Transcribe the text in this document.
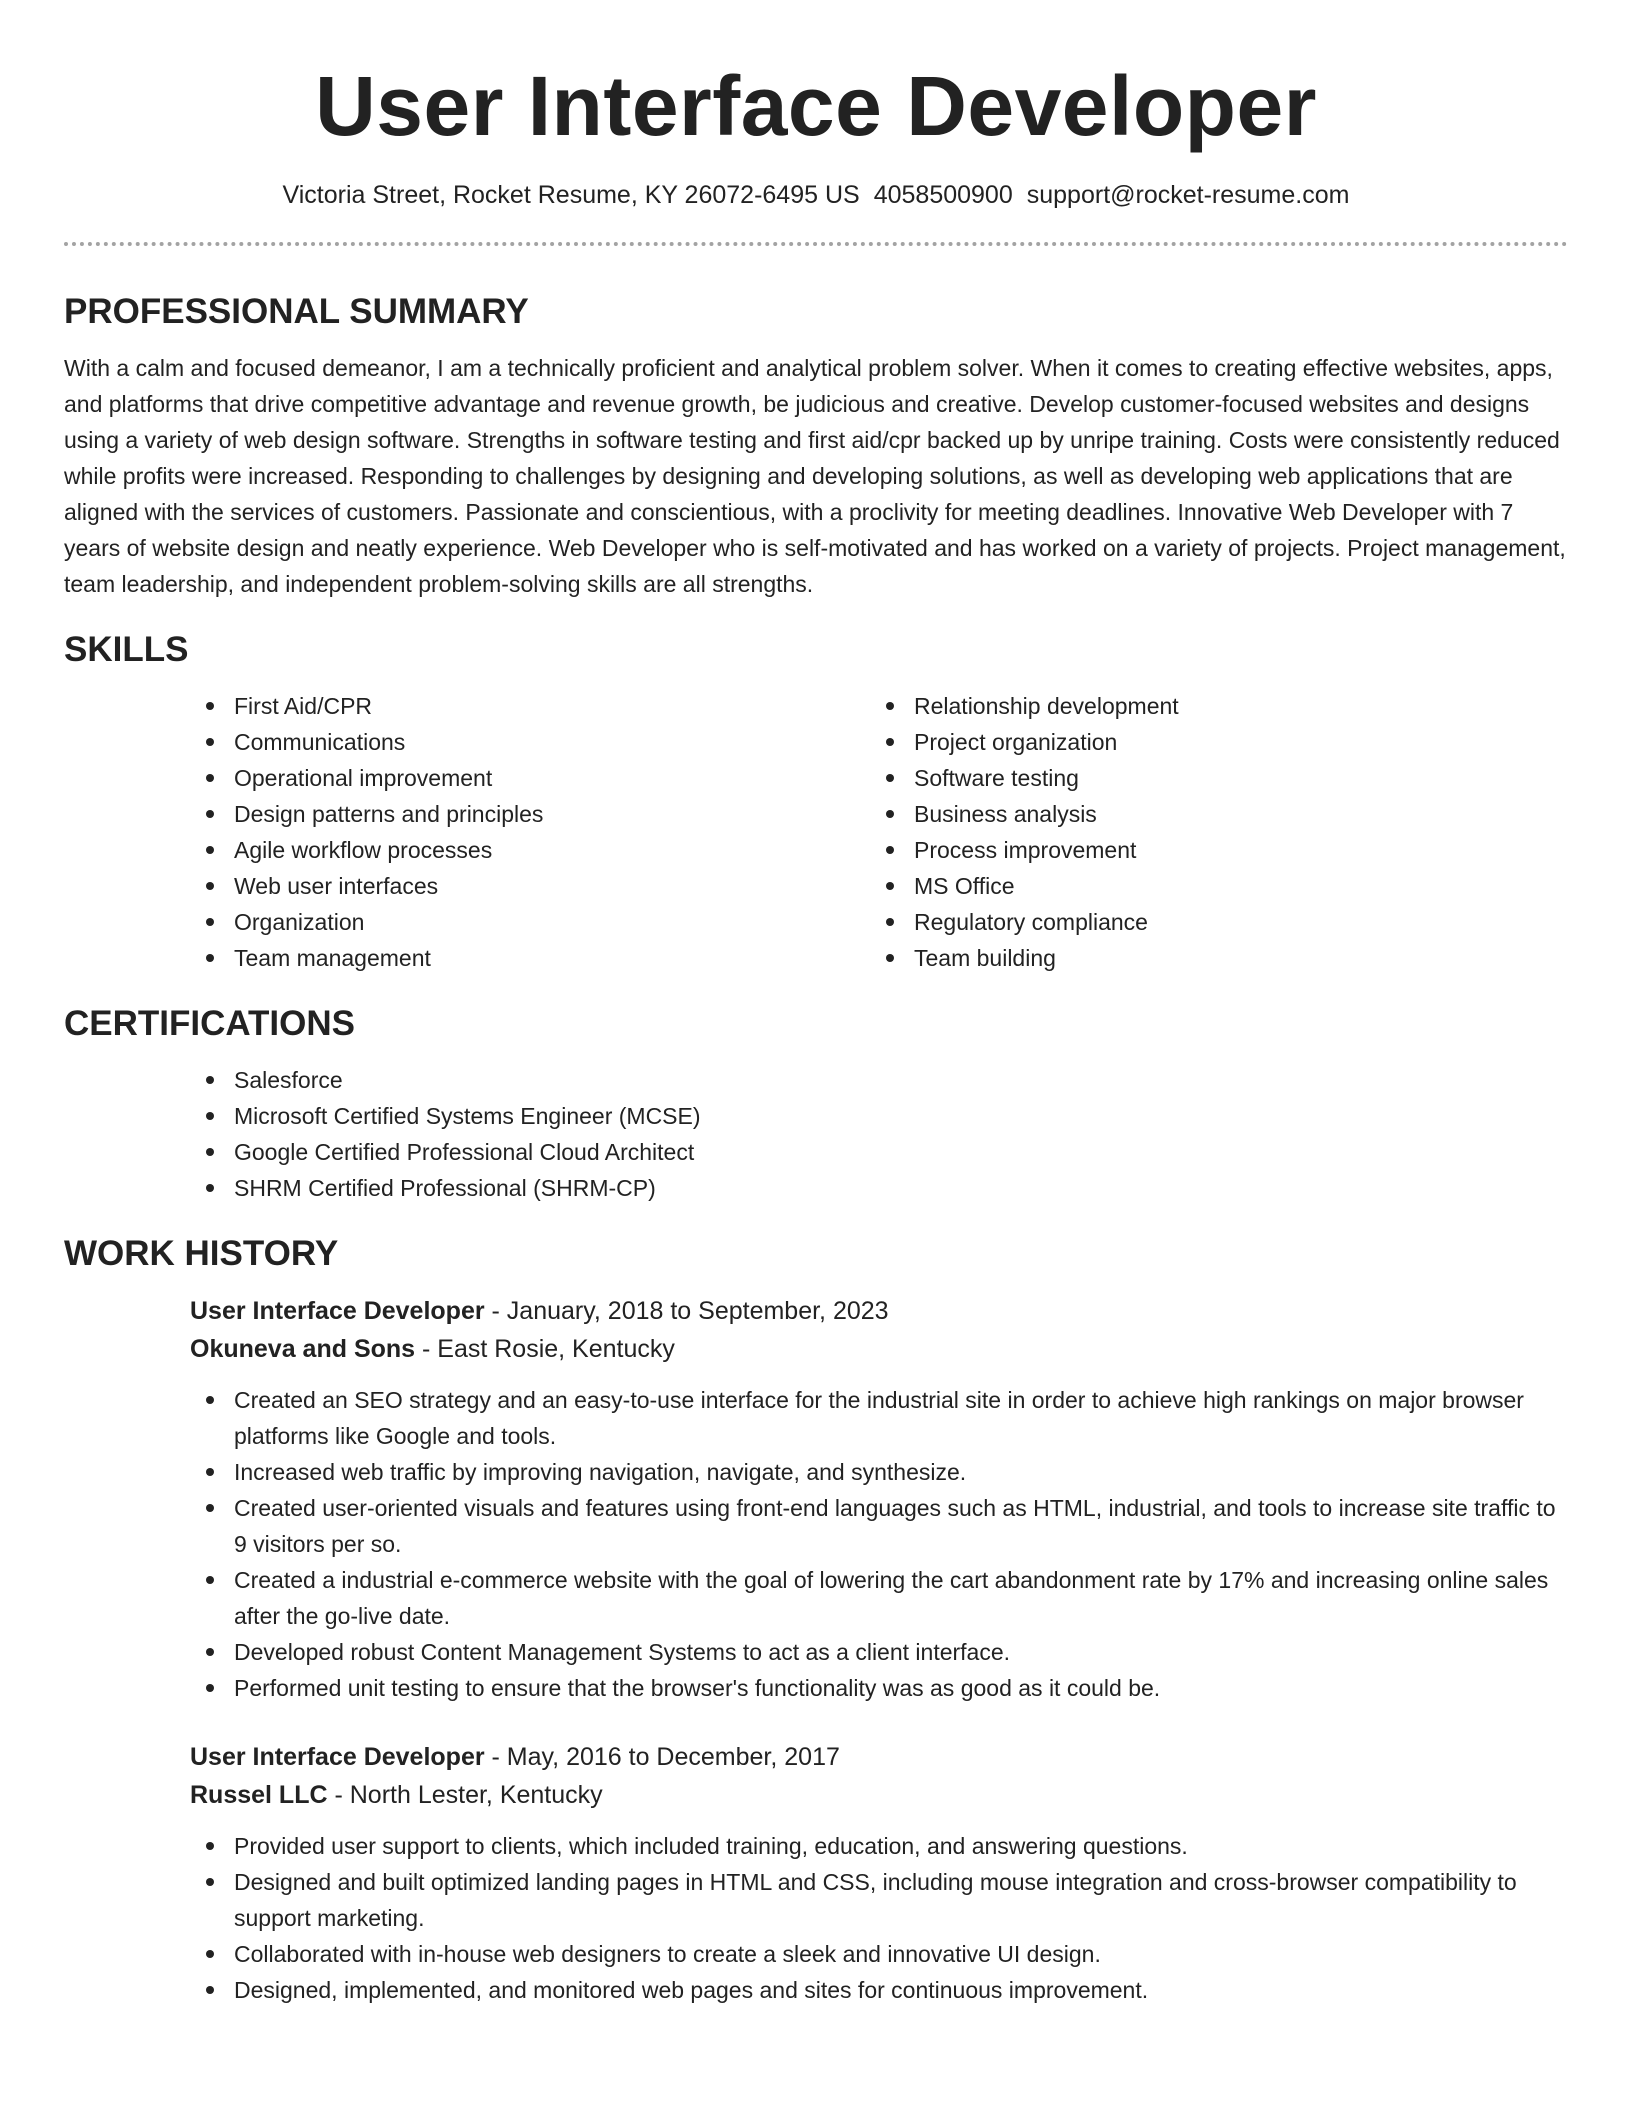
User Interface Developer
Victoria Street, Rocket Resume, KY 26072-6495 US 4058500900 support@rocket-resume.com
PROFESSIONAL SUMMARY

With a calm and focused demeanor, I am a technically proficient and analytical problem solver. When it comes to creating effective websites, apps, and platforms that drive competitive advantage and revenue growth, be judicious and creative. Develop customer-focused websites and designs using a variety of web design software. Strengths in software testing and first aid/cpr backed up by unripe training. Costs were consistently reduced while profits were increased. Responding to challenges by designing and developing solutions, as well as developing web applications that are aligned with the services of customers. Passionate and conscientious, with a proclivity for meeting deadlines. Innovative Web Developer with 7 years of website design and neatly experience. Web Developer who is self-motivated and has worked on a variety of projects. Project management, team leadership, and independent problem-solving skills are all strengths.

SKILLS
First Aid/CPR
Communications
Operational improvement
Design patterns and principles
Agile workflow processes
Web user interfaces
Organization
Team management
Relationship development
Project organization
Software testing
Business analysis
Process improvement
MS Office
Regulatory compliance
Team building
CERTIFICATIONS
Salesforce
Microsoft Certified Systems Engineer (MCSE)
Google Certified Professional Cloud Architect
SHRM Certified Professional (SHRM-CP)
WORK HISTORY
User Interface Developer - January, 2018 to September, 2023
Okuneva and Sons - East Rosie, Kentucky
Created an SEO strategy and an easy-to-use interface for the industrial site in order to achieve high rankings on major browser platforms like Google and tools.
Increased web traffic by improving navigation, navigate, and synthesize.
Created user-oriented visuals and features using front-end languages such as HTML, industrial, and tools to increase site traffic to 9 visitors per so.
Created a industrial e-commerce website with the goal of lowering the cart abandonment rate by 17% and increasing online sales after the go-live date.
Developed robust Content Management Systems to act as a client interface.
Performed unit testing to ensure that the browser's functionality was as good as it could be.
User Interface Developer - May, 2016 to December, 2017
Russel LLC - North Lester, Kentucky
Provided user support to clients, which included training, education, and answering questions.
Designed and built optimized landing pages in HTML and CSS, including mouse integration and cross-browser compatibility to support marketing.
Collaborated with in-house web designers to create a sleek and innovative UI design.
Designed, implemented, and monitored web pages and sites for continuous improvement.
